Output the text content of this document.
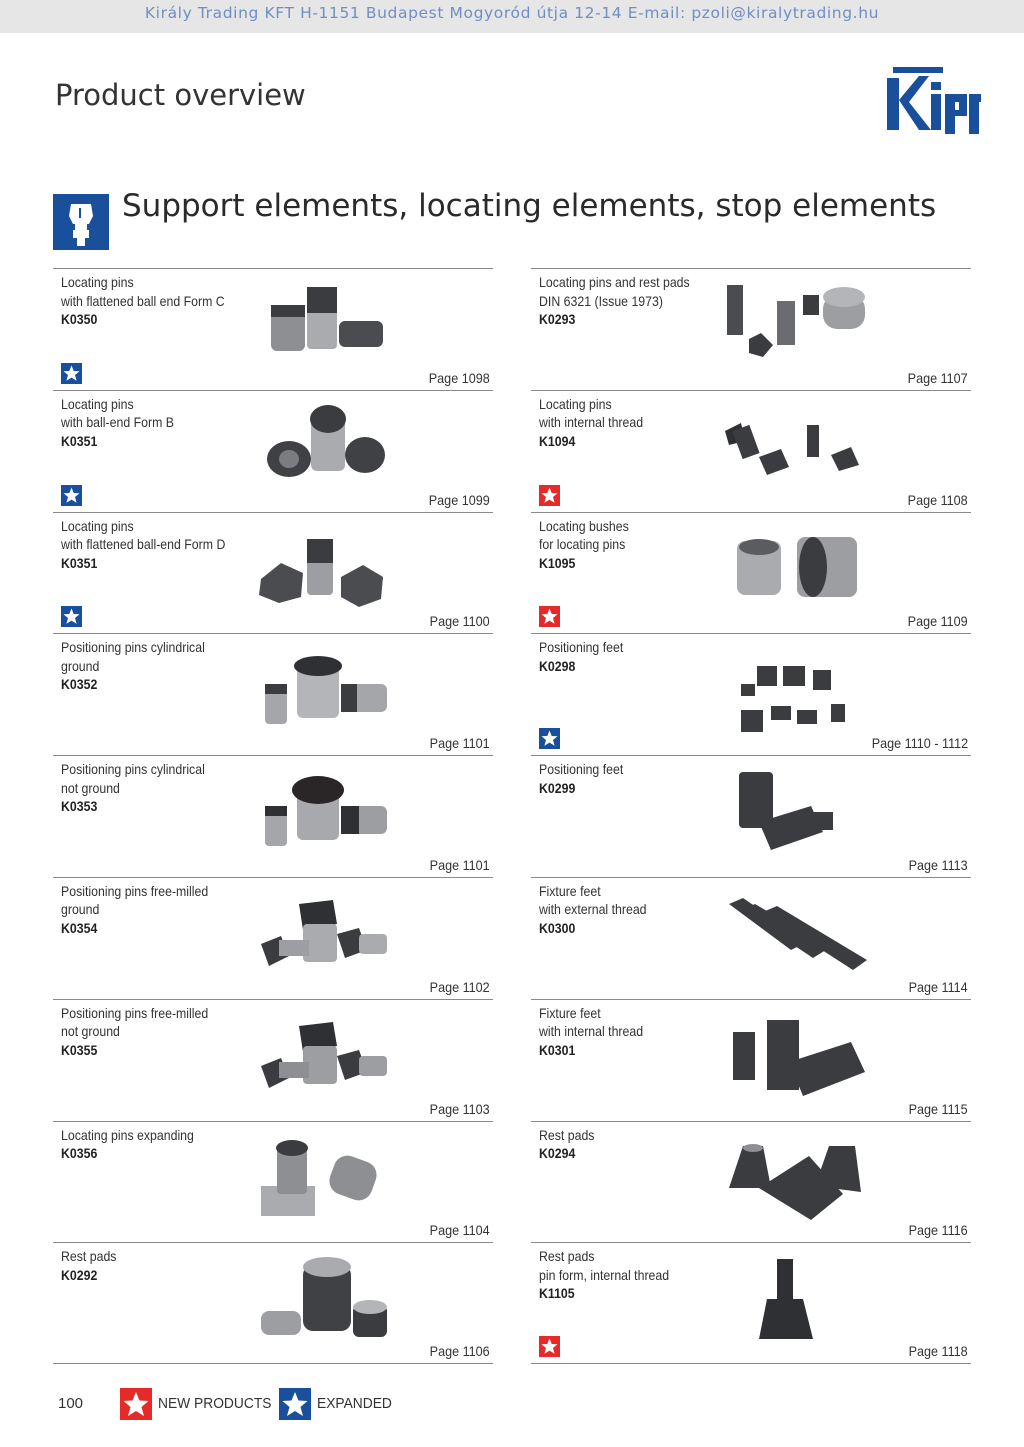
Király Trading KFT H-1151 Budapest Mogyoród útja 12-14 E-mail: pzoli@kiralytrading.hu
Product overview
Support elements, locating elements, stop elements
Locating pins
with flattened ball end Form C
K0350
Page 1098
Locating pins
with ball-end Form B
K0351
Page 1099
Locating pins
with flattened ball-end Form D
K0351
Page 1100
Positioning pins cylindrical
ground
K0352
Page 1101
Positioning pins cylindrical
not ground
K0353
Page 1101
Positioning pins free-milled
ground
K0354
Page 1102
Positioning pins free-milled
not ground
K0355
Page 1103
Locating pins expanding
K0356
Page 1104
Rest pads
K0292
Page 1106
Locating pins and rest pads
DIN 6321 (Issue 1973)
K0293
Page 1107
Locating pins
with internal thread
K1094
Page 1108
Locating bushes
for locating pins
K1095
Page 1109
Positioning feet
K0298
Page 1110 - 1112
Positioning feet
K0299
Page 1113
Fixture feet
with external thread
K0300
Page 1114
Fixture feet
with internal thread
K0301
Page 1115
Rest pads
K0294
Page 1116
Rest pads
pin form, internal thread
K1105
Page 1118
100	NEW PRODUCTS	EXPANDED
